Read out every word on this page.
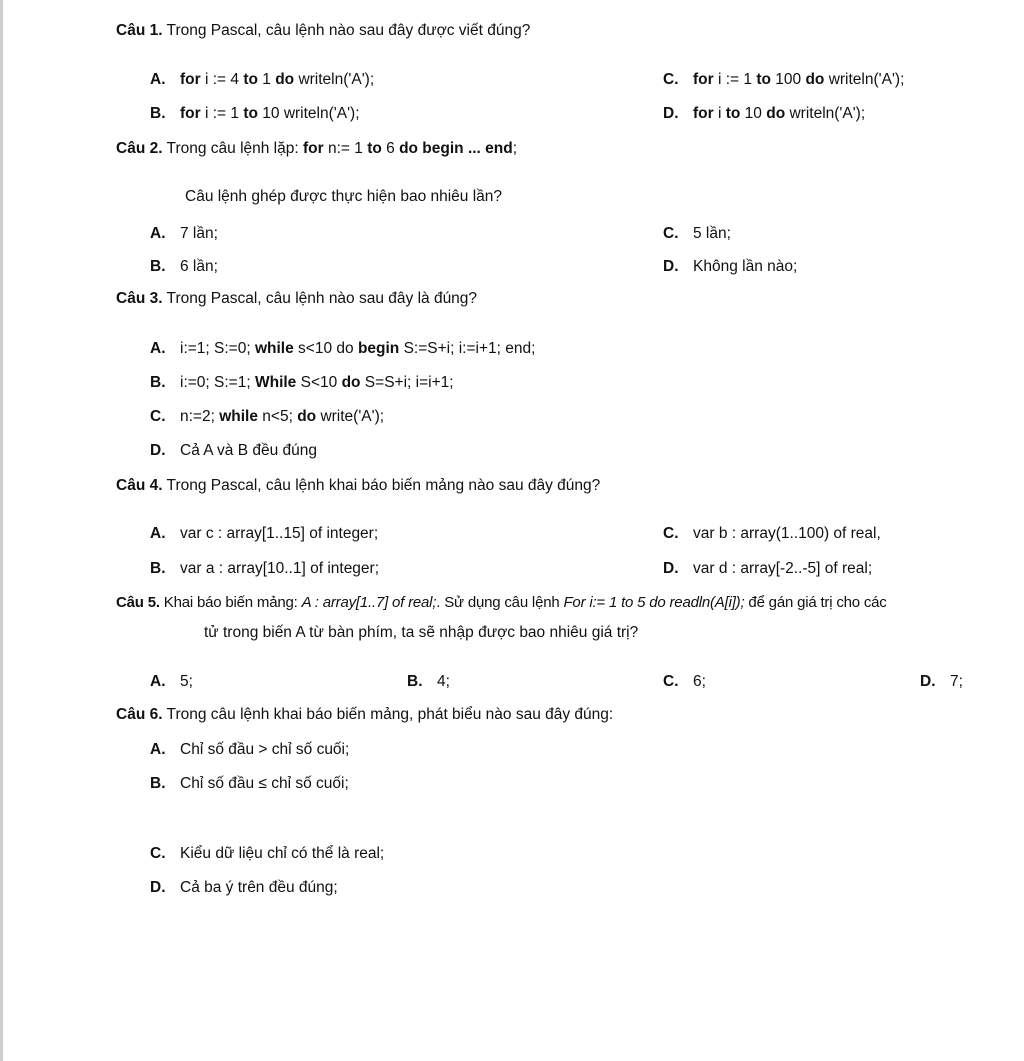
Câu 1. Trong Pascal, câu lệnh nào sau đây được viết đúng?
A. for i := 4 to 1 do writeln('A');	C. for i := 1 to 100 do writeln('A');
B. for i := 1 to 10 writeln('A');	D. for i to 10 do writeln('A');
Câu 2. Trong câu lệnh lặp: for n:= 1 to 6 do begin ... end;
Câu lệnh ghép được thực hiện bao nhiêu lần?
A. 7 lần;	C. 5 lần;
B. 6 lần;	D. Không lần nào;
Câu 3. Trong Pascal, câu lệnh nào sau đây là đúng?
A. i:=1; S:=0; while s<10 do begin S:=S+i; i:=i+1; end;
B. i:=0; S:=1; While S<10 do S=S+i; i=i+1;
C. n:=2; while n<5; do write('A');
D. Cả A và B đều đúng
Câu 4. Trong Pascal, câu lệnh khai báo biến mảng nào sau đây đúng?
A. var c : array[1..15] of integer;	C. var b : array(1..100) of real,
B. var a : array[10..1] of integer;	D. var d : array[-2..-5] of real;
Câu 5. Khai báo biến mảng: A : array[1..7] of real;. Sử dụng câu lệnh For i:= 1 to 5 do readln(A[i]); để gán giá trị cho các
tử trong biến A từ bàn phím, ta sẽ nhập được bao nhiêu giá trị?
A. 5;	B. 4;	C. 6;	D. 7;
Câu 6. Trong câu lệnh khai báo biến mảng, phát biểu nào sau đây đúng:
A. Chỉ số đầu > chỉ số cuối;
B. Chỉ số đầu ≤ chỉ số cuối;
C. Kiểu dữ liệu chỉ có thể là real;
D. Cả ba ý trên đều đúng;
